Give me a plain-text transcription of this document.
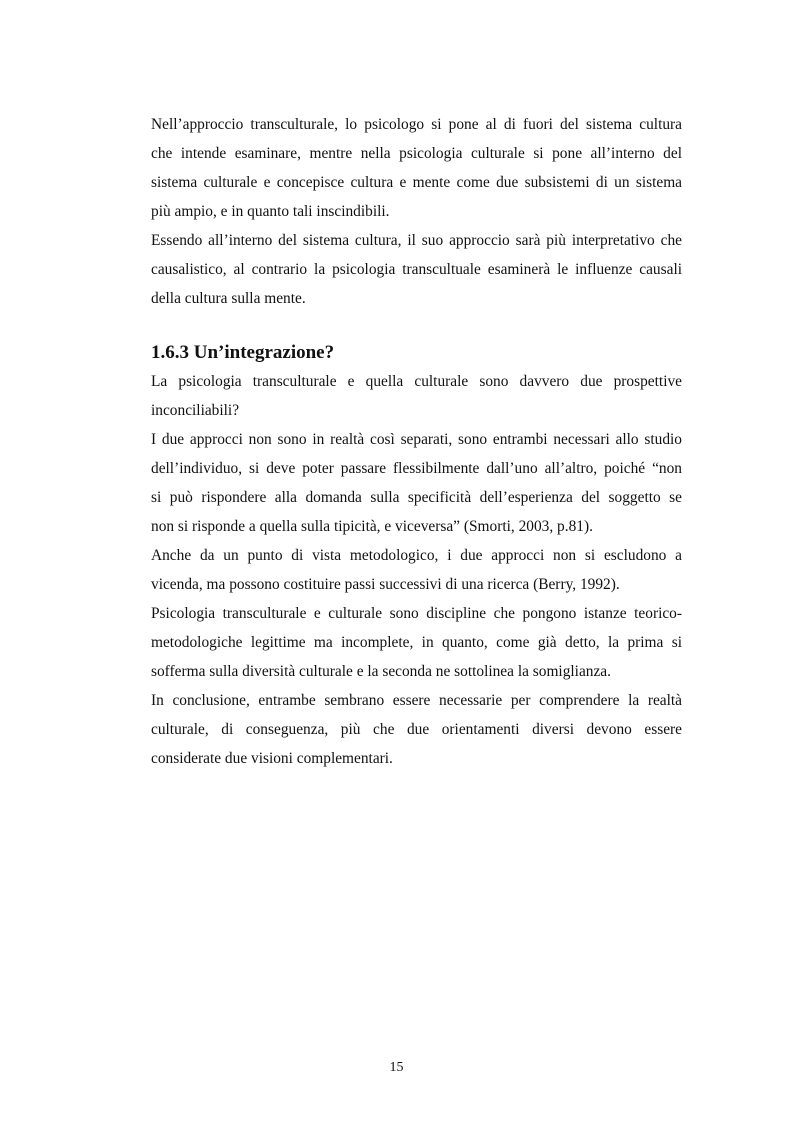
Nell’approccio transculturale, lo psicologo si pone al di fuori del sistema cultura
che intende esaminare, mentre nella psicologia culturale si pone all’interno del
sistema culturale e concepisce cultura e mente come due subsistemi di un sistema
più ampio, e in quanto tali inscindibili.
Essendo all’interno del sistema cultura, il suo approccio sarà più interpretativo che
causalistico, al contrario la psicologia transcultuale esaminerà le influenze causali
della cultura sulla mente.
1.6.3 Un’integrazione?
La psicologia transculturale e quella culturale sono davvero due prospettive
inconciliabili?
I due approcci non sono in realtà così separati, sono entrambi necessari allo studio
dell’individuo, si deve poter passare flessibilmente dall’uno all’altro, poiché “non
si può rispondere alla domanda sulla specificità dell’esperienza del soggetto se
non si risponde a quella sulla tipicità, e viceversa” (Smorti, 2003, p.81).
Anche da un punto di vista metodologico, i due approcci non si escludono a
vicenda, ma possono costituire passi successivi di una ricerca (Berry, 1992).
Psicologia transculturale e culturale sono discipline che pongono istanze teorico-
metodologiche legittime ma incomplete, in quanto, come già detto, la prima si
sofferma sulla diversità culturale e la seconda ne sottolinea la somiglianza.
In conclusione, entrambe sembrano essere necessarie per comprendere la realtà
culturale, di conseguenza, più che due orientamenti diversi devono essere
considerate due visioni complementari.
15
